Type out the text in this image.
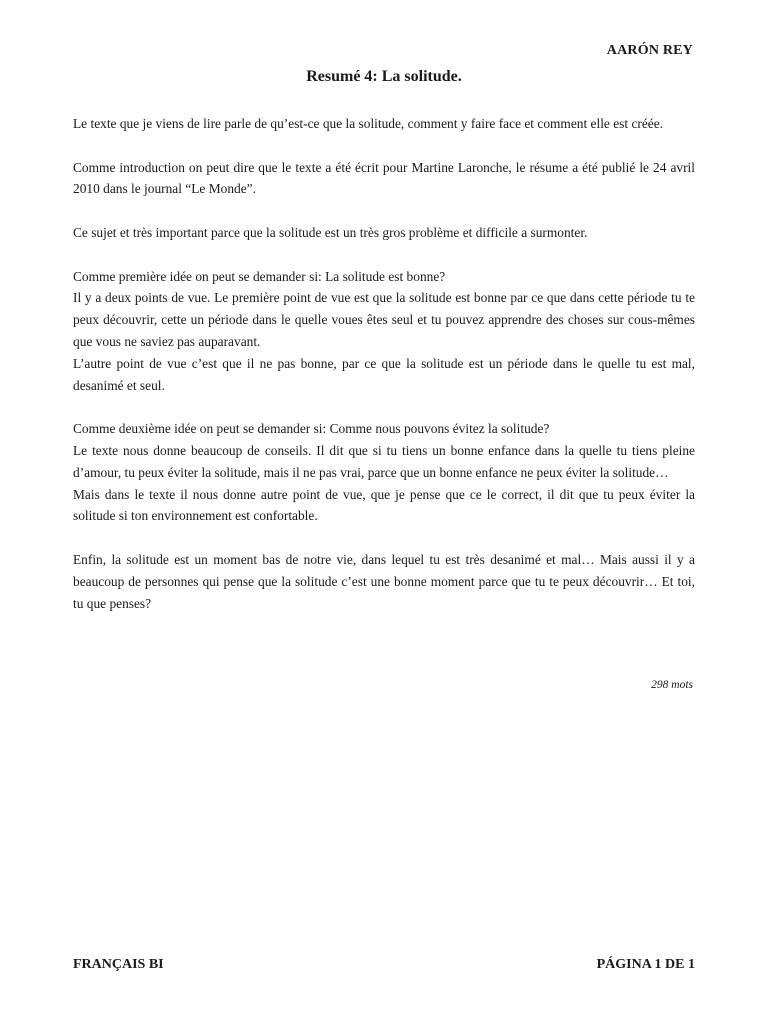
AARÓN REY
Resumé 4: La solitude.

Le texte que je viens de lire parle de qu’est-ce que la solitude, comment y faire face et comment elle est créée.

Comme introduction on peut dire que le texte a été écrit pour Martine Laronche, le résume a été publié le 24 avril 2010 dans le journal “Le Monde”.

Ce sujet et très important parce que la solitude est un très gros problème et difficile a surmonter.

Comme première idée on peut se demander si: La solitude est bonne?
Il y a deux points de vue. Le première point de vue est que la solitude est bonne par ce que dans cette période tu te peux découvrir, cette un période dans le quelle voues êtes seul et tu pouvez apprendre des choses sur cous-mêmes que vous ne saviez pas auparavant.
L’autre point de vue c’est que il ne pas bonne, par ce que la solitude est un période dans le quelle tu est mal, desanimé et seul.

Comme deuxième idée on peut se demander si: Comme nous pouvons évitez la solitude?
Le texte nous donne beaucoup de conseils. Il dit que si tu tiens un bonne enfance dans la quelle tu tiens pleine d’amour, tu peux éviter la solitude, mais il ne pas vrai, parce que un bonne enfance ne peux éviter la solitude…
Mais dans le texte il nous donne autre point de vue, que je pense que ce le correct, il dit que tu peux éviter la solitude si ton environnement est confortable.

Enfin, la solitude est un moment bas de notre vie, dans lequel tu est très desanimé et mal… Mais aussi il y a beaucoup de personnes qui pense que la solitude c’est une bonne moment parce que tu te peux découvrir… Et toi, tu que penses?

298 mots
FRANÇAIS BI	PÁGINA 1 DE 1
